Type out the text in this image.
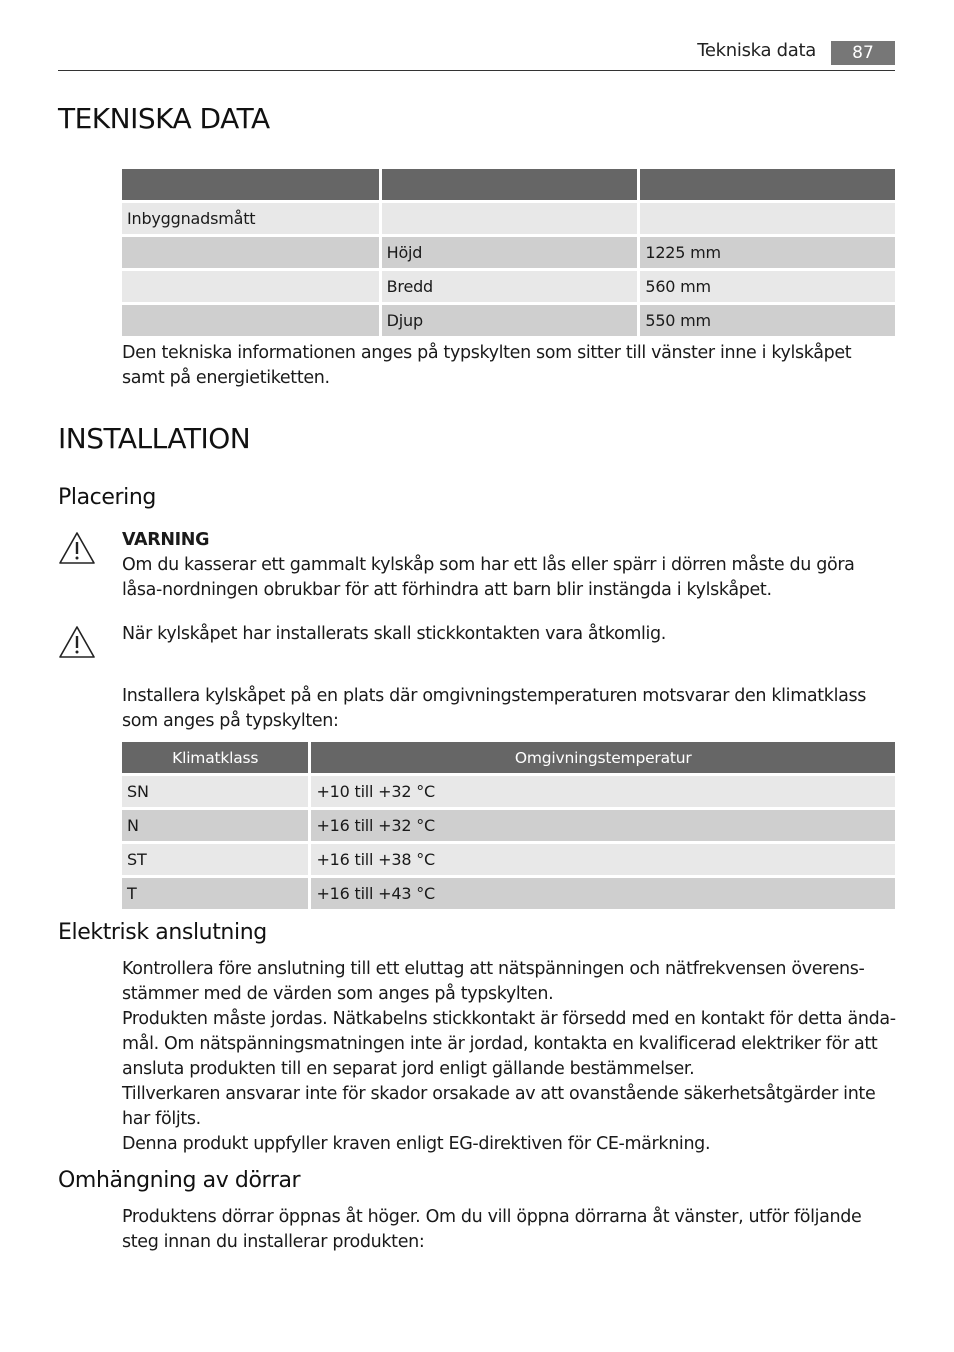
Tekniska data	87
TEKNISKA DATA

Inbyggnadsmått		
	Höjd	1225 mm
	Bredd	560 mm
	Djup	550 mm
Den tekniska informationen anges på typskylten som sitter till vänster inne i kylskåpet samt på energietiketten.
INSTALLATION
Placering

VARNING

Om du kasserar ett gammalt kylskåp som har ett lås eller spärr i dörren måste du göra låsa-nordningen obrukbar för att förhindra att barn blir instängda i kylskåpet.

När kylskåpet har installerats skall stickkontakten vara åtkomlig.
Installera kylskåpet på en plats där omgivningstemperaturen motsvarar den klimatklass som anges på typskylten:
Klimatklass	Omgivningstemperatur
SN	+10 till +32 °C
N	+16 till +32 °C
ST	+16 till +38 °C
T	+16 till +43 °C
Elektrisk anslutning

Kontrollera före anslutning till ett eluttag att nätspänningen och nätfrekvensen överens-stämmer med de värden som anges på typskylten.

Produkten måste jordas. Nätkabelns stickkontakt är försedd med en kontakt för detta ända-mål. Om nätspänningsmatningen inte är jordad, kontakta en kvalificerad elektriker för att ansluta produkten till en separat jord enligt gällande bestämmelser.

Tillverkaren ansvarar inte för skador orsakade av att ovanstående säkerhetsåtgärder inte har följts.

Denna produkt uppfyller kraven enligt EG-direktiven för CE-märkning.

Omhängning av dörrar
Produktens dörrar öppnas åt höger. Om du vill öppna dörrarna åt vänster, utför följande steg innan du installerar produkten:
